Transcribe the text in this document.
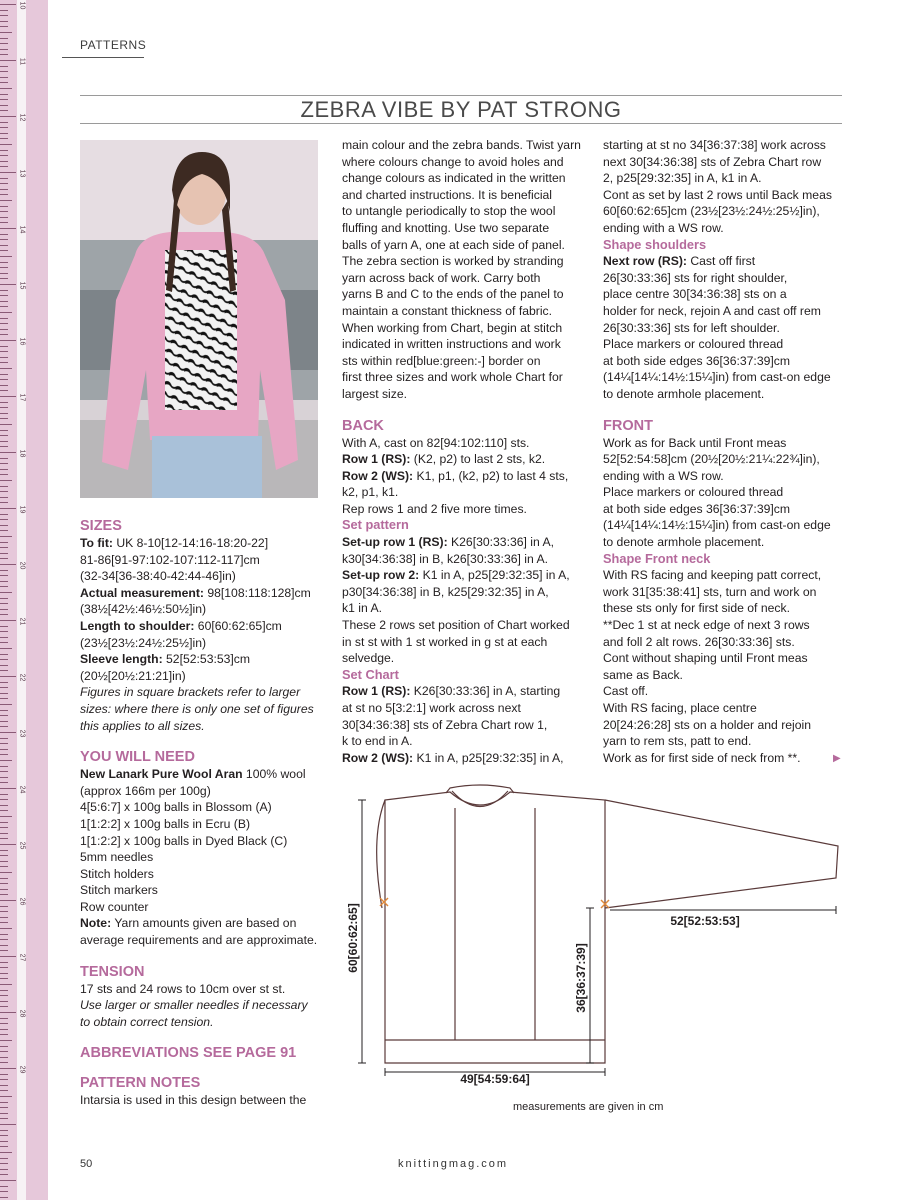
10
11
12
13
14
15
16
17
18
19
20
21
22
23
24
25
26
27
28
29
PATTERNS
ZEBRA VIBE BY PAT STRONG

SIZES

To fit: UK 8-10[12-14:16-18:20-22]

81-86[91-97:102-107:112-117]cm

(32-34[36-38:40-42:44-46]in)

Actual measurement: 98[108:118:128]cm

(38½[42½:46½:50½]in)

Length to shoulder: 60[60:62:65]cm

(23½[23½:24½:25½]in)

Sleeve length: 52[52:53:53]cm

(20½[20½:21:21]in)

Figures in square brackets refer to larger

sizes: where there is only one set of figures

this applies to all sizes.

YOU WILL NEED

New Lanark Pure Wool Aran 100% wool

(approx 166m per 100g)

4[5:6:7] x 100g balls in Blossom (A)

1[1:2:2] x 100g balls in Ecru (B)

1[1:2:2] x 100g balls in Dyed Black (C)

5mm needles

Stitch holders

Stitch markers

Row counter

Note: Yarn amounts given are based on

average requirements and are approximate.

TENSION

17 sts and 24 rows to 10cm over st st.

Use larger or smaller needles if necessary

to obtain correct tension.

ABBREVIATIONS SEE PAGE 91

PATTERN NOTES

Intarsia is used in this design between the

main colour and the zebra bands. Twist yarn

where colours change to avoid holes and

change colours as indicated in the written

and charted instructions. It is beneficial

to untangle periodically to stop the wool

fluffing and knotting. Use two separate

balls of yarn A, one at each side of panel.

The zebra section is worked by stranding

yarn across back of work. Carry both

yarns B and C to the ends of the panel to

maintain a constant thickness of fabric.

When working from Chart, begin at stitch

indicated in written instructions and work

sts within red[blue:green:-] border on

first three sizes and work whole Chart for

largest size.

BACK

With A, cast on 82[94:102:110] sts.

Row 1 (RS): (K2, p2) to last 2 sts, k2.

Row 2 (WS): K1, p1, (k2, p2) to last 4 sts,

k2, p1, k1.

Rep rows 1 and 2 five more times.

Set pattern

Set-up row 1 (RS): K26[30:33:36] in A,

k30[34:36:38] in B, k26[30:33:36] in A.

Set-up row 2: K1 in A, p25[29:32:35] in A,

p30[34:36:38] in B, k25[29:32:35] in A,

k1 in A.

These 2 rows set position of Chart worked

in st st with 1 st worked in g st at each

selvedge.

Set Chart

Row 1 (RS): K26[30:33:36] in A, starting

at st no 5[3:2:1] work across next

30[34:36:38] sts of Zebra Chart row 1,

k to end in A.

Row 2 (WS): K1 in A, p25[29:32:35] in A,

starting at st no 34[36:37:38] work across

next 30[34:36:38] sts of Zebra Chart row

2, p25[29:32:35] in A, k1 in A.

Cont as set by last 2 rows until Back meas

60[60:62:65]cm (23½[23½:24½:25½]in),

ending with a WS row.

Shape shoulders

Next row (RS): Cast off first

26[30:33:36] sts for right shoulder,

place centre 30[34:36:38] sts on a

holder for neck, rejoin A and cast off rem

26[30:33:36] sts for left shoulder.

Place markers or coloured thread

at both side edges 36[36:37:39]cm

(14¼[14¼:14½:15¼]in) from cast-on edge

to denote armhole placement.

FRONT

Work as for Back until Front meas

52[52:54:58]cm (20½[20½:21¼:22¾]in),

ending with a WS row.

Place markers or coloured thread

at both side edges 36[36:37:39]cm

(14¼[14¼:14½:15¼]in) from cast-on edge

to denote armhole placement.

Shape Front neck

With RS facing and keeping patt correct,

work 31[35:38:41] sts, turn and work on

these sts only for first side of neck.

**Dec 1 st at neck edge of next 3 rows

and foll 2 alt rows. 26[30:33:36] sts.

Cont without shaping until Front meas

same as Back.

Cast off.

With RS facing, place centre

20[24:26:28] sts on a holder and rejoin

yarn to rem sts, patt to end.

Work as for first side of neck from **.	▶
60[60:62:65]
36[36:37:39]
52[52:53:53]
49[54:59:64]
measurements are given in cm
50	knittingmag.com
